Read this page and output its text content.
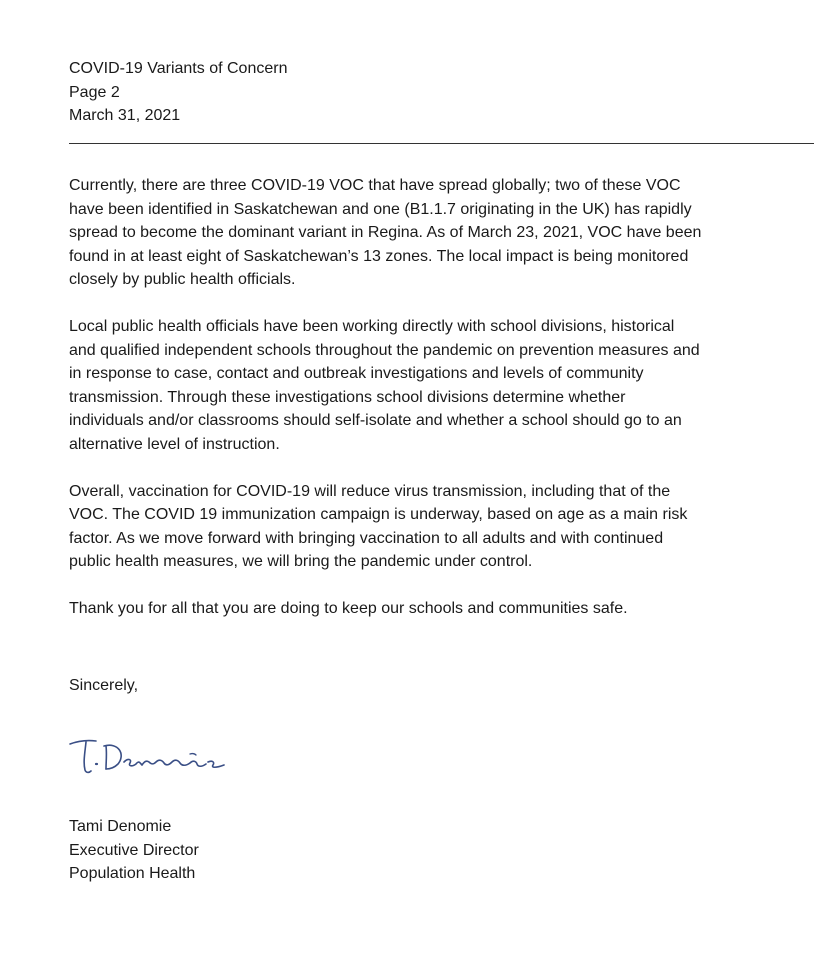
COVID-19 Variants of Concern
Page 2
March 31, 2021
Currently, there are three COVID-19 VOC that have spread globally; two of these VOC
have been identified in Saskatchewan and one (B1.1.7 originating in the UK) has rapidly
spread to become the dominant variant in Regina. As of March 23, 2021, VOC have been
found in at least eight of Saskatchewan’s 13 zones. The local impact is being monitored
closely by public health officials.
Local public health officials have been working directly with school divisions, historical
and qualified independent schools throughout the pandemic on prevention measures and
in response to case, contact and outbreak investigations and levels of community
transmission. Through these investigations school divisions determine whether
individuals and/or classrooms should self-isolate and whether a school should go to an
alternative level of instruction.
Overall, vaccination for COVID-19 will reduce virus transmission, including that of the
VOC. The COVID 19 immunization campaign is underway, based on age as a main risk
factor. As we move forward with bringing vaccination to all adults and with continued
public health measures, we will bring the pandemic under control.
Thank you for all that you are doing to keep our schools and communities safe.
Sincerely,
Tami Denomie
Executive Director
Population Health
